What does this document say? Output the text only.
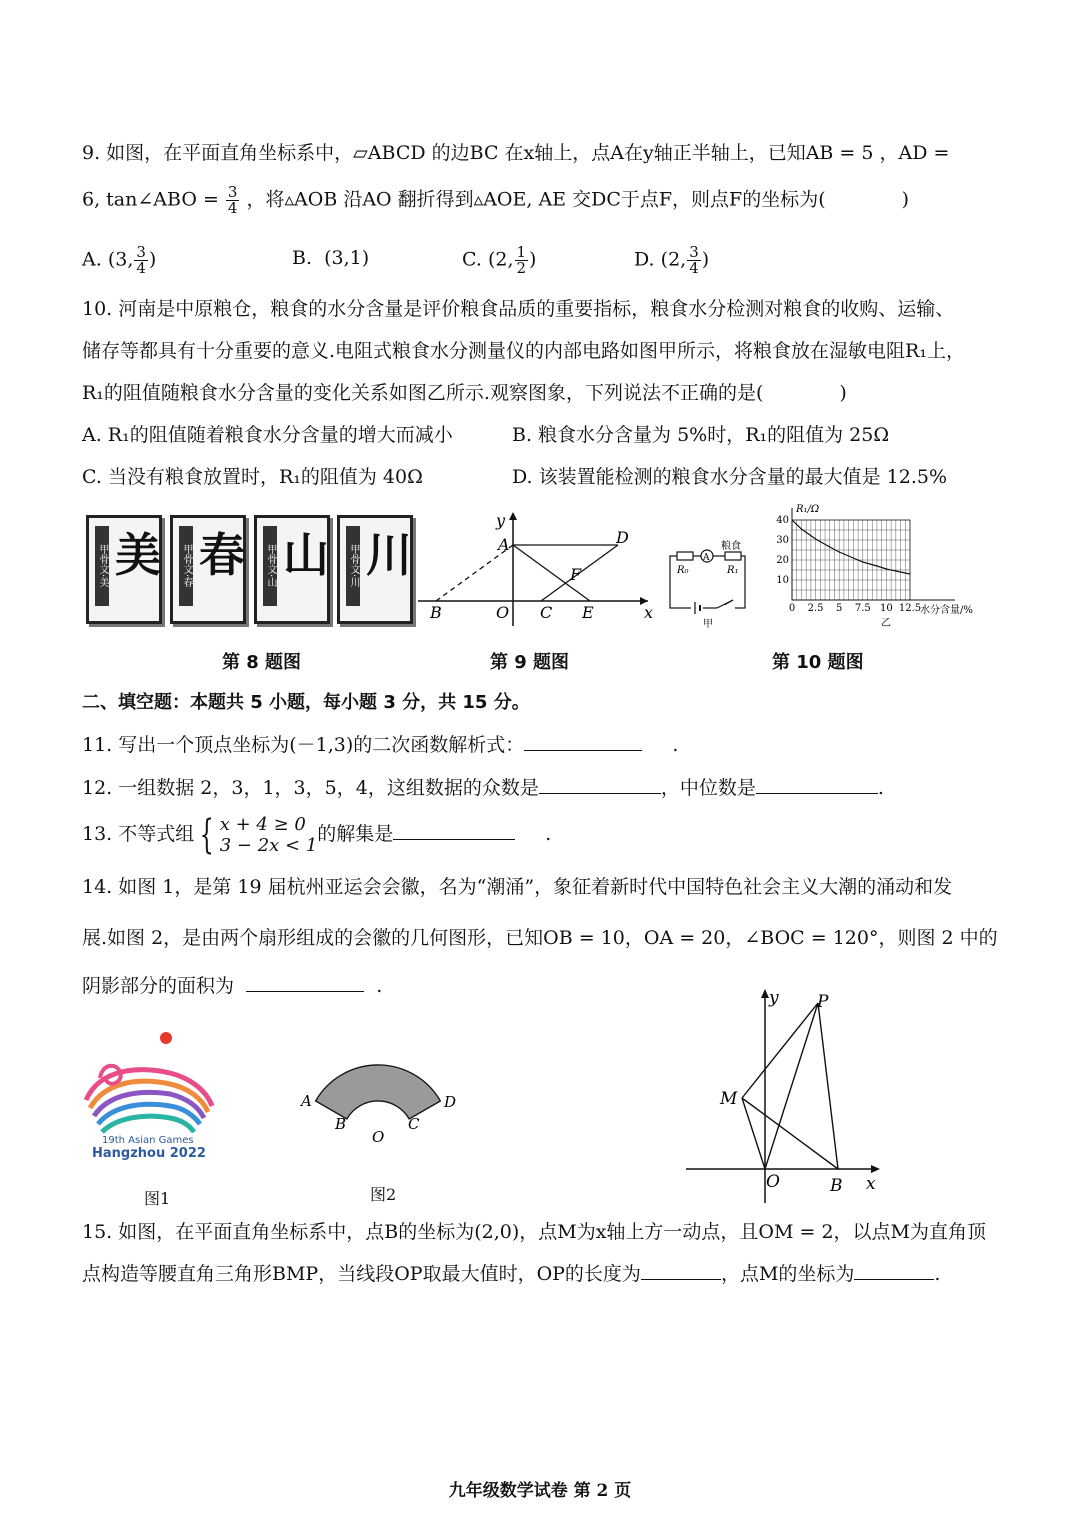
9. 如图，在平面直角坐标系中，▱ABCD 的边BC 在x轴上，点A在y轴正半轴上，已知AB = 5 ，AD =
6, tan∠ABO = $\frac{3}{4}$ ，将▵AOB 沿AO 翻折得到▵AOE, AE 交DC于点F，则点F的坐标为(　　　　)
A. (3, $\frac{3}{4}$ )	B. (3,1)	C. (2, $\frac{1}{2}$ )	D. (2, $\frac{3}{4}$ )
10. 河南是中原粮仓，粮食的水分含量是评价粮食品质的重要指标，粮食水分检测对粮食的收购、运输、
储存等都具有十分重要的意义.电阻式粮食水分测量仪的内部电路如图甲所示，将粮食放在湿敏电阻R₁上，
R₁的阻值随粮食水分含量的变化关系如图乙所示.观察图象，下列说法不正确的是(　　　　)
A. R₁的阻值随着粮食水分含量的增大而减小	B. 粮食水分含量为 5%时，R₁的阻值为 25Ω
C. 当没有粮食放置时，R₁的阻值为 40Ω	D. 该装置能检测的粮食水分含量的最大值是 12.5%
甲骨文·美 美 甲骨文·春 春 甲骨文·山 山 甲骨文·川 川
y
x
A	D
F
B	O C E
R₀
A
粮食
R₁
甲
0 2.5 5 7.5 10 12.5
10
20
30
40
R₁/Ω
水分含量/%
乙
第 8 题图	第 9 题图	第 10 题图
二、填空题：本题共 5 小题，每小题 3 分，共 15 分。
11. 写出一个顶点坐标为(－1,3)的二次函数解析式：	.
12. 一组数据 2，3，1，3，5，4，这组数据的众数是	，中位数是	.
13. 不等式组 { x + 4 ≥ 0
3 − 2x < 1
的解集是	.
14. 如图 1，是第 19 届杭州亚运会会徽，名为“潮涌”，象征着新时代中国特色社会主义大潮的涌动和发
展.如图 2，是由两个扇形组成的会徽的几何图形，已知OB = 10，OA = 20，∠BOC = 120°，则图 2 中的
阴影部分的面积为	.
19th Asian Games
Hangzhou 2022
图1
A
B
O
C
D
图2
y P
M
O	B x
15. 如图，在平面直角坐标系中，点B的坐标为(2,0)，点M为x轴上方一动点，且OM = 2，以点M为直角顶
点构造等腰直角三角形BMP，当线段OP取最大值时，OP的长度为	，点M的坐标为	.
九年级数学试卷 第 2 页
